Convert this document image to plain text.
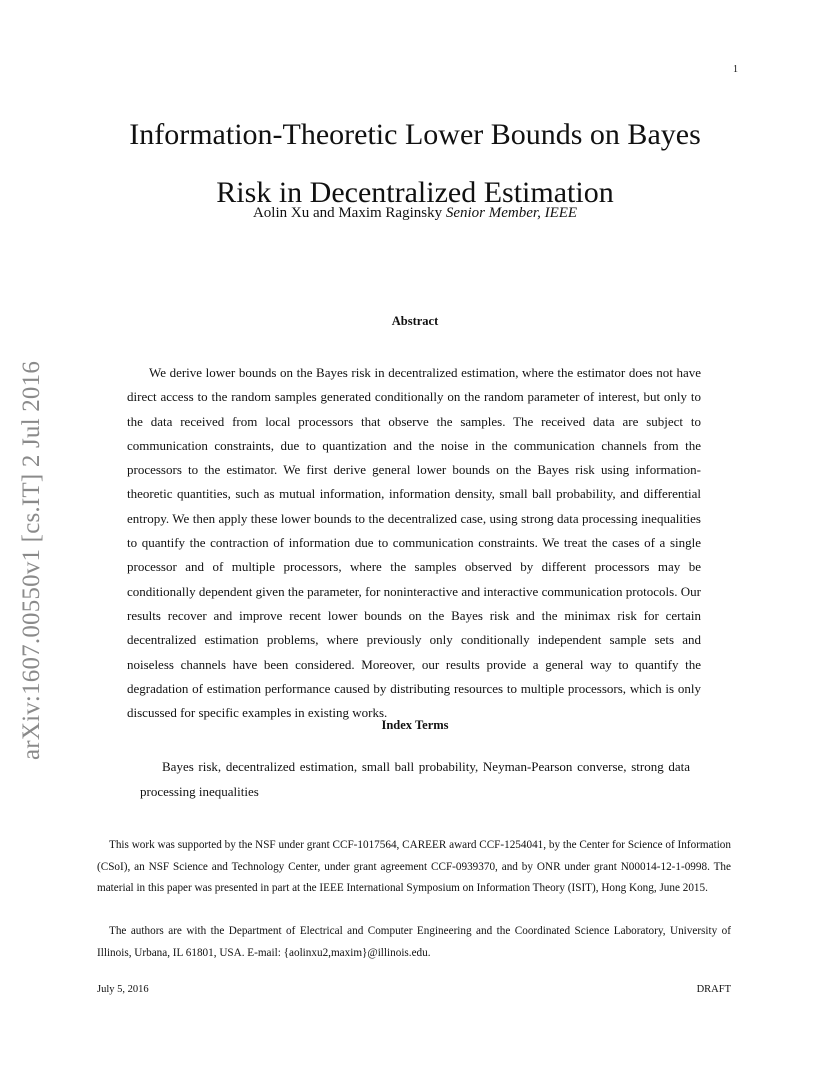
1
arXiv:1607.00550v1 [cs.IT] 2 Jul 2016
Information-Theoretic Lower Bounds on Bayes
Risk in Decentralized Estimation
Aolin Xu and Maxim Raginsky Senior Member, IEEE
Abstract

We derive lower bounds on the Bayes risk in decentralized estimation, where the estimator does not have direct access to the random samples generated conditionally on the random parameter of interest, but only to the data received from local processors that observe the samples. The received data are subject to communication constraints, due to quantization and the noise in the communication channels from the processors to the estimator. We first derive general lower bounds on the Bayes risk using information-theoretic quantities, such as mutual information, information density, small ball probability, and differential entropy. We then apply these lower bounds to the decentralized case, using strong data processing inequalities to quantify the contraction of information due to communication constraints. We treat the cases of a single processor and of multiple processors, where the samples observed by different processors may be conditionally dependent given the parameter, for noninteractive and interactive communication protocols. Our results recover and improve recent lower bounds on the Bayes risk and the minimax risk for certain decentralized estimation problems, where previously only conditionally independent sample sets and noiseless channels have been considered. Moreover, our results provide a general way to quantify the degradation of estimation performance caused by distributing resources to multiple processors, which is only discussed for specific examples in existing works.

Index Terms

Bayes risk, decentralized estimation, small ball probability, Neyman-Pearson converse, strong data processing inequalities

This work was supported by the NSF under grant CCF-1017564, CAREER award CCF-1254041, by the Center for Science of Information (CSoI), an NSF Science and Technology Center, under grant agreement CCF-0939370, and by ONR under grant N00014-12-1-0998. The material in this paper was presented in part at the IEEE International Symposium on Information Theory (ISIT), Hong Kong, June 2015.

The authors are with the Department of Electrical and Computer Engineering and the Coordinated Science Laboratory, University of Illinois, Urbana, IL 61801, USA. E-mail: {aolinxu2,maxim}@illinois.edu.

July 5, 2016	DRAFT
